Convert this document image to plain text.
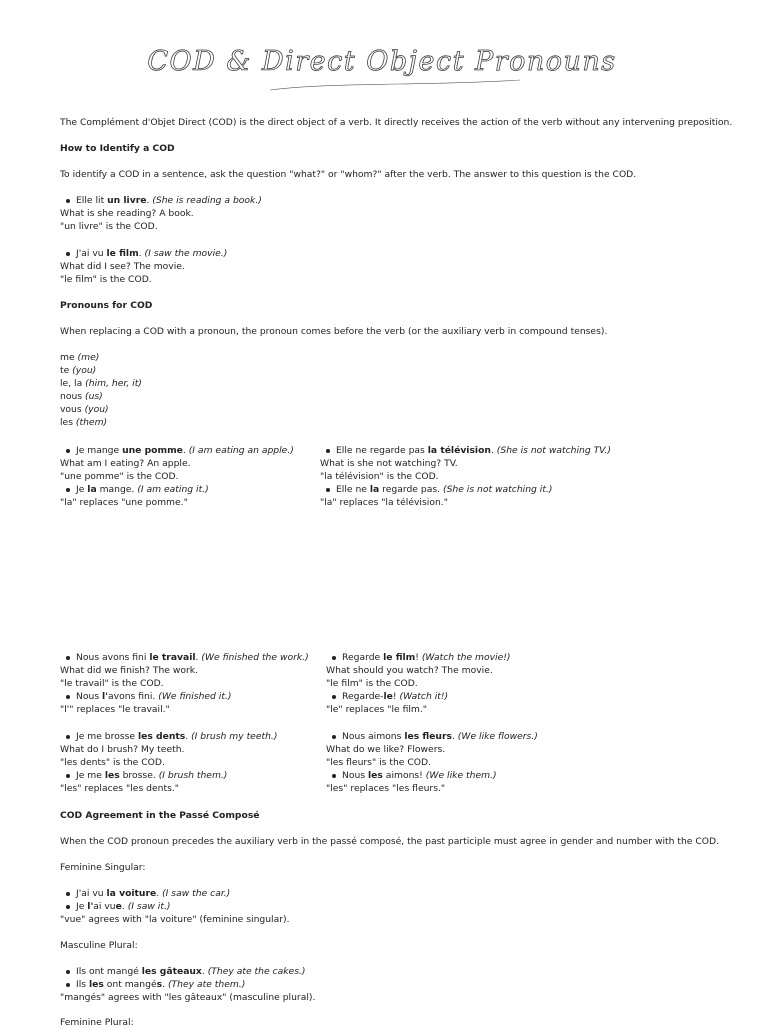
COD & Direct Object Pronouns
The Complément d'Objet Direct (COD) is the direct object of a verb. It directly receives the action of the verb without any intervening preposition.
How to Identify a COD
To identify a COD in a sentence, ask the question "what?" or "whom?" after the verb. The answer to this question is the COD.
Elle lit un livre. (She is reading a book.)
What is she reading? A book.
"un livre" is the COD.
J'ai vu le film. (I saw the movie.)
What did I see? The movie.
"le film" is the COD.
Pronouns for COD
When replacing a COD with a pronoun, the pronoun comes before the verb (or the auxiliary verb in compound tenses).
me (me)
te (you)
le, la (him, her, it)
nous (us)
vous (you)
les (them)
Je mange une pomme. (I am eating an apple.)
What am I eating? An apple.
"une pomme" is the COD.
Je la mange. (I am eating it.)
"la" replaces "une pomme."
Elle ne regarde pas la télévision. (She is not watching TV.)
What is she not watching? TV.
"la télévision" is the COD.
Elle ne la regarde pas. (She is not watching it.)
"la" replaces "la télévision."
Nous avons fini le travail. (We finished the work.)
What did we finish? The work.
"le travail" is the COD.
Nous l'avons fini. (We finished it.)
"l'" replaces "le travail."
Regarde le film! (Watch the movie!)
What should you watch? The movie.
"le film" is the COD.
Regarde-le! (Watch it!)
"le" replaces "le film."
Je me brosse les dents. (I brush my teeth.)
What do I brush? My teeth.
"les dents" is the COD.
Je me les brosse. (I brush them.)
"les" replaces "les dents."
Nous aimons les fleurs. (We like flowers.)
What do we like? Flowers.
"les fleurs" is the COD.
Nous les aimons! (We like them.)
"les" replaces "les fleurs."
COD Agreement in the Passé Composé
When the COD pronoun precedes the auxiliary verb in the passé composé, the past participle must agree in gender and number with the COD.
Feminine Singular:
J'ai vu la voiture. (I saw the car.)
Je l'ai vue. (I saw it.)
"vue" agrees with "la voiture" (feminine singular).
Masculine Plural:
Ils ont mangé les gâteaux. (They ate the cakes.)
Ils les ont mangés. (They ate them.)
"mangés" agrees with "les gâteaux" (masculine plural).
Feminine Plural:
